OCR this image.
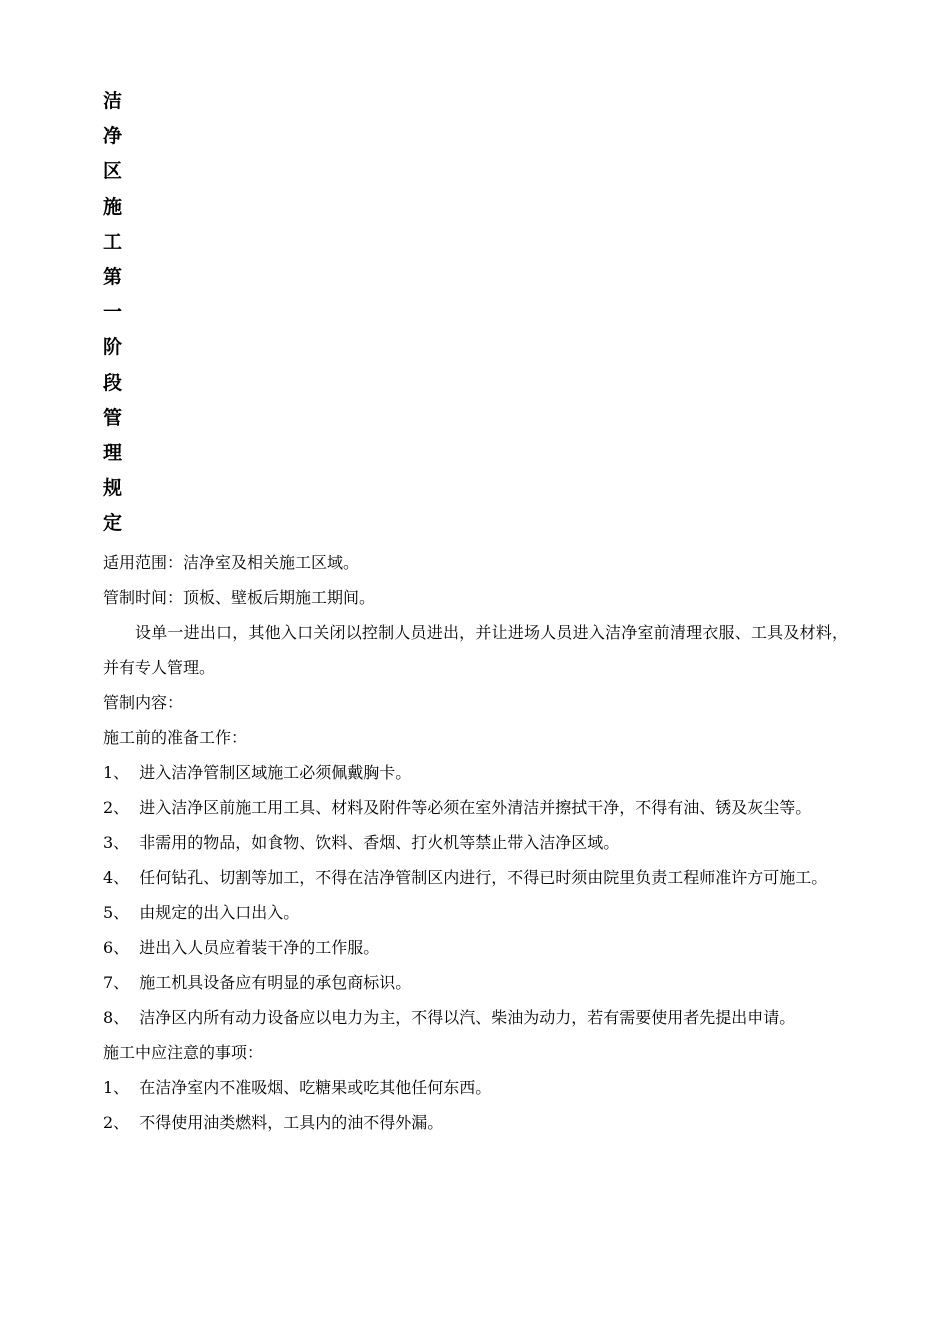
洁
净
区
施
工
第
一
阶
段
管
理
规
定

适用范围：洁净室及相关施工区域。

管制时间：顶板、壁板后期施工期间。

设单一进出口，其他入口关闭以控制人员进出，并让进场人员进入洁净室前清理衣服、工具及材料，并有专人管理。

管制内容：

施工前的准备工作：

1、 进入洁净管制区域施工必须佩戴胸卡。

2、 进入洁净区前施工用工具、材料及附件等必须在室外清洁并擦拭干净，不得有油、锈及灰尘等。

3、 非需用的物品，如食物、饮料、香烟、打火机等禁止带入洁净区域。

4、 任何钻孔、切割等加工，不得在洁净管制区内进行，不得已时须由院里负责工程师准许方可施工。

5、 由规定的出入口出入。

6、 进出入人员应着装干净的工作服。

7、 施工机具设备应有明显的承包商标识。

8、 洁净区内所有动力设备应以电力为主，不得以汽、柴油为动力，若有需要使用者先提出申请。

施工中应注意的事项：

1、 在洁净室内不准吸烟、吃糖果或吃其他任何东西。

2、 不得使用油类燃料，工具内的油不得外漏。
